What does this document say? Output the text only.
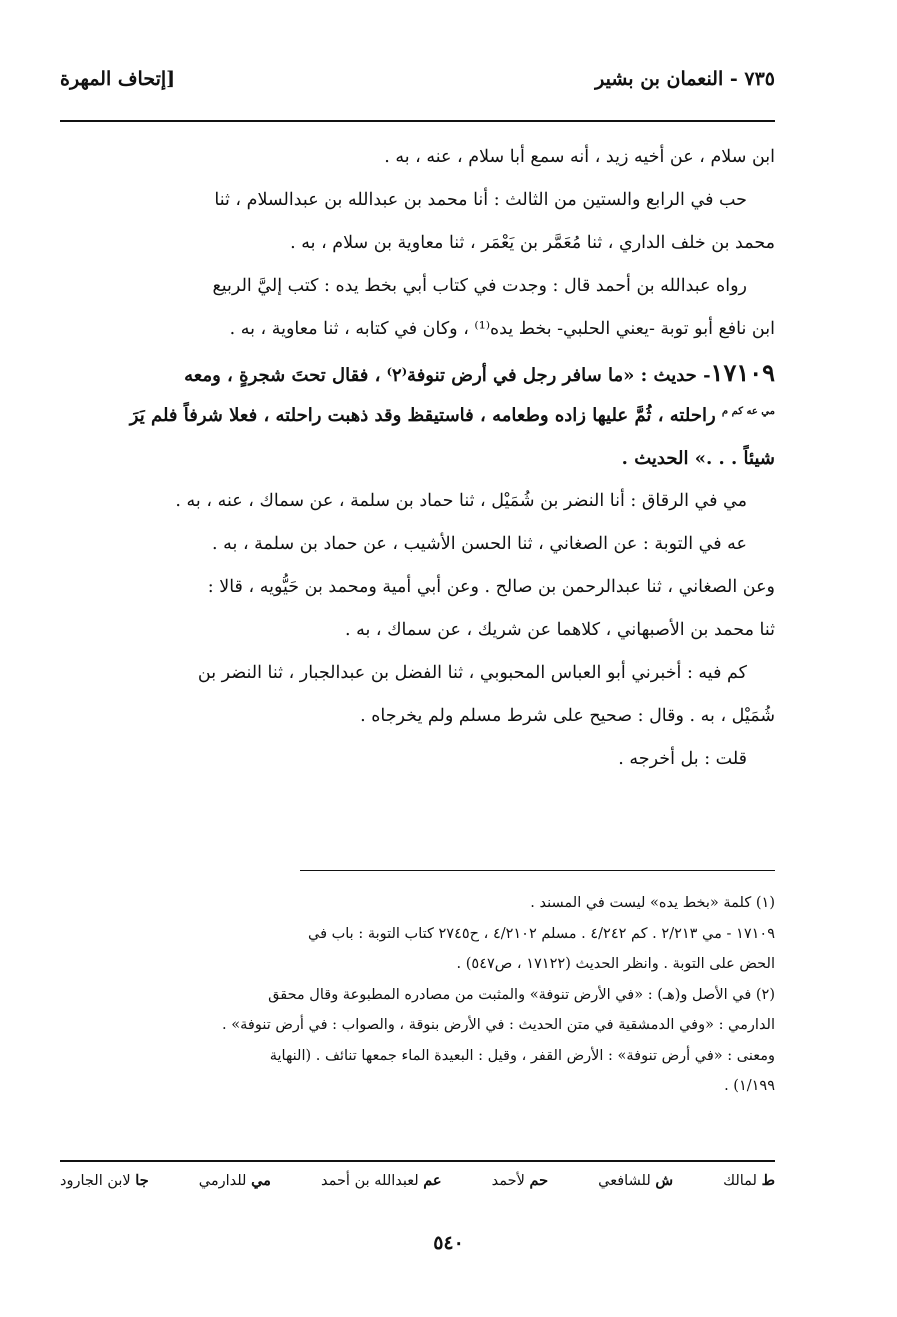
٧٣٥ - النعمان بن بشير
[إتحاف المهرة
ابن سلام ، عن أخيه زيد ، أنه سمع أبا سلام ، عنه ، به .
حب في الرابع والستين من الثالث : أنا محمد بن عبدالله بن عبدالسلام ، ثنا
محمد بن خلف الداري ، ثنا مُعَمَّر بن يَعْمَر ، ثنا معاوية بن سلام ، به .
رواه عبدالله بن أحمد قال : وجدت في كتاب أبي بخط يده : كتب إليَّ الربيع
ابن نافع أبو توبة -يعني الحلبي- بخط يده⁽¹⁾ ، وكان في كتابه ، ثنا معاوية ، به .
١٧١٠٩- حديث : «ما سافر رجل في أرض تنوفة⁽٢⁾ ، فقال تحتَ شجرةٍ ، ومعه
$^{مي عه كم م}$ راحلته ، ثُمَّ عليها زاده وطعامه ، فاستيقظ وقد ذهبت راحلته ، فعلا شرفاً فلم يَرَ
شيئاً . . .» الحديث .
مي في الرقاق : أنا النضر بن شُمَيْل ، ثنا حماد بن سلمة ، عن سماك ، عنه ، به .
عه في التوبة : عن الصغاني ، ثنا الحسن الأشيب ، عن حماد بن سلمة ، به .
وعن الصغاني ، ثنا عبدالرحمن بن صالح . وعن أبي أمية ومحمد بن حَيُّويه ، قالا :
ثنا محمد بن الأصبهاني ، كلاهما عن شريك ، عن سماك ، به .
كم فيه : أخبرني أبو العباس المحبوبي ، ثنا الفضل بن عبدالجبار ، ثنا النضر بن
شُمَيْل ، به . وقال : صحيح على شرط مسلم ولم يخرجاه .
قلت : بل أخرجه .
(١) كلمة «بخط يده» ليست في المسند .
١٧١٠٩ - مي ٢/٢١٣ . كم ٤/٢٤٢ . مسلم ٤/٢١٠٢ ، ح٢٧٤٥ كتاب التوبة : باب في
الحض على التوبة . وانظر الحديث (١٧١٢٢ ، ص٥٤٧) .
(٢) في الأصل و(هـ) : «في الأرض تنوفة» والمثبت من مصادره المطبوعة وقال محقق
الدارمي : «وفي الدمشقية في متن الحديث : في الأرض بنوقة ، والصواب : في أرض تنوفة» .
ومعنى : «في أرض تنوفة» : الأرض القفر ، وقيل : البعيدة الماء جمعها تنائف . (النهاية
١/١٩٩) .
ط لمالك
ش للشافعي
حم لأحمد
عم لعبدالله بن أحمد
مي للدارمي
جا لابن الجارود
٥٤٠
